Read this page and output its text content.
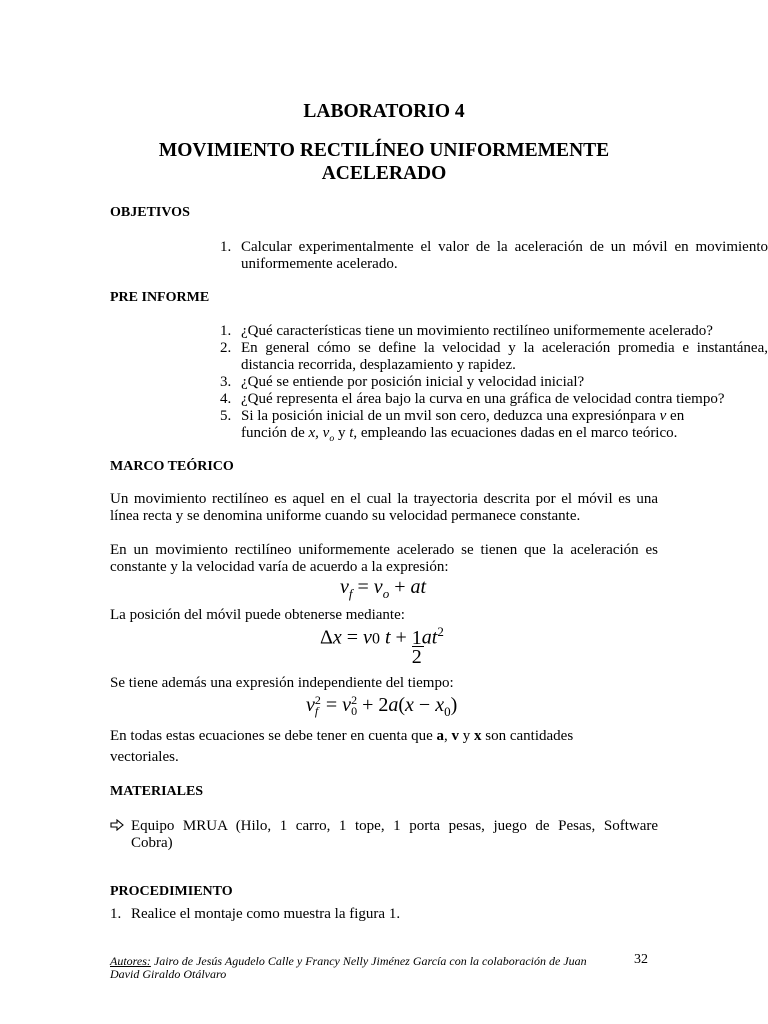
LABORATORIO 4
MOVIMIENTO RECTILÍNEO UNIFORMEMENTE
ACELERADO
OBJETIVOS
1. Calcular experimentalmente el valor de la aceleración de un móvil en movimiento
uniformemente acelerado.
PRE INFORME
1. ¿Qué características tiene un movimiento rectilíneo uniformemente acelerado?
2. En general cómo se define la velocidad y la aceleración promedia e instantánea,
distancia recorrida, desplazamiento y rapidez.
3. ¿Qué se entiende por posición inicial y velocidad inicial?
4. ¿Qué representa el área bajo la curva en una gráfica de velocidad contra tiempo?
5. Si la posición inicial de un mvil son cero, deduzca una expresiónpara v en
función de x, $v_o$ y t, empleando las ecuaciones dadas en el marco teórico.
MARCO TEÓRICO
Un movimiento rectilíneo es aquel en el cual la trayectoria descrita por el móvil es una
línea recta y se denomina uniforme cuando su velocidad permanece constante.
En un movimiento rectilíneo uniformemente acelerado se tienen que la aceleración es
constante y la velocidad varía de acuerdo a la expresión:
$v_f = v_o$ + at
La posición del móvil puede obtenerse mediante:
Δx = v0 t + 1
2
$at^2$
Se tiene además una expresión independiente del tiempo:
v 2
f = v 2
$0 + 2a(x - x_0)$
En todas estas ecuaciones se debe tener en cuenta que a, v y x son cantidades
vectoriales.
MATERIALES
Equipo MRUA (Hilo, 1 carro, 1 tope, 1 porta pesas, juego de Pesas, Software
Cobra)
PROCEDIMIENTO
1. Realice el montaje como muestra la figura 1.
Autores: Jairo de Jesús Agudelo Calle y Francy Nelly Jiménez García con la colaboración de Juan
David Giraldo Otálvaro
32
